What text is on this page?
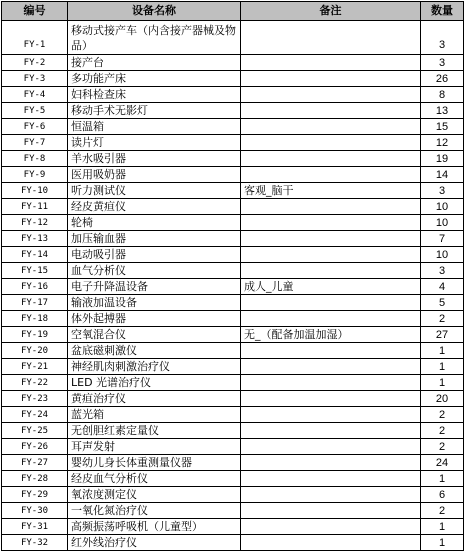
编号	设备名称	备注	数量
FY-1	移动式接产车（内含接产器械及物品）		3
FY-2	接产台		3
FY-3	多功能产床		26
FY-4	妇科检查床		8
FY-5	移动手术无影灯		13
FY-6	恒温箱		15
FY-7	读片灯		12
FY-8	羊水吸引器		19
FY-9	医用吸奶器		14
FY-10	听力测试仪	客观_脑干	3
FY-11	经皮黄疸仪		10
FY-12	轮椅		10
FY-13	加压输血器		7
FY-14	电动吸引器		10
FY-15	血气分析仪		3
FY-16	电子升降温设备	成人_儿童	4
FY-17	输液加温设备		5
FY-18	体外起搏器		2
FY-19	空氧混合仪	无_（配备加温加湿）	27
FY-20	盆底磁刺激仪		1
FY-21	神经肌肉刺激治疗仪		1
FY-22	LED 光谱治疗仪		1
FY-23	黄疸治疗仪		20
FY-24	蓝光箱		2
FY-25	无创胆红素定量仪		2
FY-26	耳声发射		2
FY-27	婴幼儿身长体重测量仪器		24
FY-28	经皮血气分析仪		1
FY-29	氧浓度测定仪		6
FY-30	一氧化氮治疗仪		2
FY-31	高频振荡呼吸机（儿童型）		1
FY-32	红外线治疗仪		1
